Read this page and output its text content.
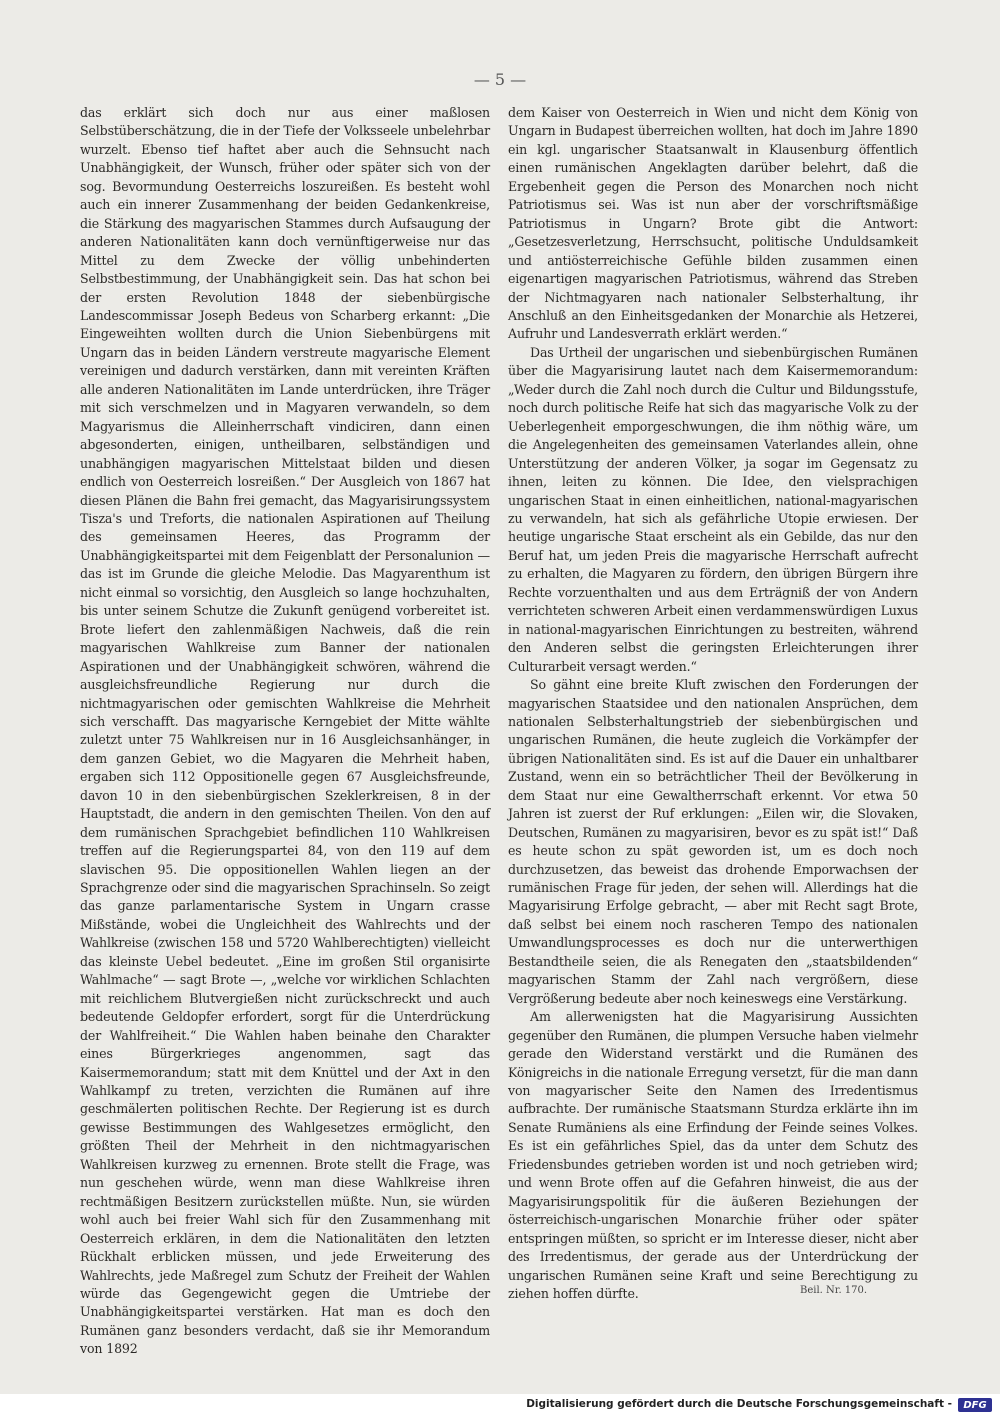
— 5 —

das erklärt sich doch nur aus einer maßlosen Selbstüberschätzung, die in der Tiefe der Volksseele unbelehrbar wurzelt. Ebenso tief haftet aber auch die Sehnsucht nach Unabhängigkeit, der Wunsch, früher oder später sich von der sog. Bevormundung Oesterreichs loszureißen. Es besteht wohl auch ein innerer Zusammenhang der beiden Gedankenkreise, die Stärkung des magyarischen Stammes durch Aufsaugung der anderen Nationalitäten kann doch vernünftigerweise nur das Mittel zu dem Zwecke der völlig unbehinderten Selbstbestimmung, der Unabhängigkeit sein. Das hat schon bei der ersten Revolution 1848 der siebenbürgische Landescommissar Joseph Bedeus von Scharberg erkannt: „Die Eingeweihten wollten durch die Union Siebenbürgens mit Ungarn das in beiden Ländern verstreute magyarische Element vereinigen und dadurch verstärken, dann mit vereinten Kräften alle anderen Nationalitäten im Lande unterdrücken, ihre Träger mit sich verschmelzen und in Magyaren verwandeln, so dem Magyarismus die Alleinherrschaft vindiciren, dann einen abgesonderten, einigen, untheilbaren, selbständigen und unabhängigen magyarischen Mittelstaat bilden und diesen endlich von Oesterreich losreißen.“ Der Ausgleich von 1867 hat diesen Plänen die Bahn frei gemacht, das Magyarisirungssystem Tisza's und Treforts, die nationalen Aspirationen auf Theilung des gemeinsamen Heeres, das Programm der Unabhängigkeitspartei mit dem Feigenblatt der Personalunion — das ist im Grunde die gleiche Melodie. Das Magyarenthum ist nicht einmal so vorsichtig, den Ausgleich so lange hochzuhalten, bis unter seinem Schutze die Zukunft genügend vorbereitet ist. Brote liefert den zahlenmäßigen Nachweis, daß die rein magyarischen Wahlkreise zum Banner der nationalen Aspirationen und der Unabhängigkeit schwören, während die ausgleichsfreundliche Regierung nur durch die nichtmagyarischen oder gemischten Wahlkreise die Mehrheit sich verschafft. Das magyarische Kerngebiet der Mitte wählte zuletzt unter 75 Wahlkreisen nur in 16 Ausgleichsanhänger, in dem ganzen Gebiet, wo die Magyaren die Mehrheit haben, ergaben sich 112 Oppositionelle gegen 67 Ausgleichsfreunde, davon 10 in den siebenbürgischen Szeklerkreisen, 8 in der Hauptstadt, die andern in den gemischten Theilen. Von den auf dem rumänischen Sprachgebiet befindlichen 110 Wahlkreisen treffen auf die Regierungspartei 84, von den 119 auf dem slavischen 95. Die oppositionellen Wahlen liegen an der Sprachgrenze oder sind die magyarischen Sprachinseln. So zeigt das ganze parlamentarische System in Ungarn crasse Mißstände, wobei die Ungleichheit des Wahlrechts und der Wahlkreise (zwischen 158 und 5720 Wahlberechtigten) vielleicht das kleinste Uebel bedeutet. „Eine im großen Stil organisirte Wahlmache“ — sagt Brote —, „welche vor wirklichen Schlachten mit reichlichem Blutvergießen nicht zurückschreckt und auch bedeutende Geldopfer erfordert, sorgt für die Unterdrückung der Wahlfreiheit.“ Die Wahlen haben beinahe den Charakter eines Bürgerkrieges angenommen, sagt das Kaisermemorandum; statt mit dem Knüttel und der Axt in den Wahlkampf zu treten, verzichten die Rumänen auf ihre geschmälerten politischen Rechte. Der Regierung ist es durch gewisse Bestimmungen des Wahlgesetzes ermöglicht, den größten Theil der Mehrheit in den nichtmagyarischen Wahlkreisen kurzweg zu ernennen. Brote stellt die Frage, was nun geschehen würde, wenn man diese Wahlkreise ihren rechtmäßigen Besitzern zurückstellen müßte. Nun, sie würden wohl auch bei freier Wahl sich für den Zusammenhang mit Oesterreich erklären, in dem die Nationalitäten den letzten Rückhalt erblicken müssen, und jede Erweiterung des Wahlrechts, jede Maßregel zum Schutz der Freiheit der Wahlen würde das Gegengewicht gegen die Umtriebe der Unabhängigkeitspartei verstärken. Hat man es doch den Rumänen ganz besonders verdacht, daß sie ihr Memorandum von 1892

dem Kaiser von Oesterreich in Wien und nicht dem König von Ungarn in Budapest überreichen wollten, hat doch im Jahre 1890 ein kgl. ungarischer Staatsanwalt in Klausenburg öffentlich einen rumänischen Angeklagten darüber belehrt, daß die Ergebenheit gegen die Person des Monarchen noch nicht Patriotismus sei. Was ist nun aber der vorschriftsmäßige Patriotismus in Ungarn? Brote gibt die Antwort: „Gesetzesverletzung, Herrschsucht, politische Unduldsamkeit und antiösterreichische Gefühle bilden zusammen einen eigenartigen magyarischen Patriotismus, während das Streben der Nichtmagyaren nach nationaler Selbsterhaltung, ihr Anschluß an den Einheitsgedanken der Monarchie als Hetzerei, Aufruhr und Landesverrath erklärt werden.“

Das Urtheil der ungarischen und siebenbürgischen Rumänen über die Magyarisirung lautet nach dem Kaisermemorandum: „Weder durch die Zahl noch durch die Cultur und Bildungsstufe, noch durch politische Reife hat sich das magyarische Volk zu der Ueberlegenheit emporgeschwungen, die ihm nöthig wäre, um die Angelegenheiten des gemeinsamen Vaterlandes allein, ohne Unterstützung der anderen Völker, ja sogar im Gegensatz zu ihnen, leiten zu können. Die Idee, den vielsprachigen ungarischen Staat in einen einheitlichen, national-magyarischen zu verwandeln, hat sich als gefährliche Utopie erwiesen. Der heutige ungarische Staat erscheint als ein Gebilde, das nur den Beruf hat, um jeden Preis die magyarische Herrschaft aufrecht zu erhalten, die Magyaren zu fördern, den übrigen Bürgern ihre Rechte vorzuenthalten und aus dem Erträgniß der von Andern verrichteten schweren Arbeit einen verdammenswürdigen Luxus in national-magyarischen Einrichtungen zu bestreiten, während den Anderen selbst die geringsten Erleichterungen ihrer Culturarbeit versagt werden.“

So gähnt eine breite Kluft zwischen den Forderungen der magyarischen Staatsidee und den nationalen Ansprüchen, dem nationalen Selbsterhaltungstrieb der siebenbürgischen und ungarischen Rumänen, die heute zugleich die Vorkämpfer der übrigen Nationalitäten sind. Es ist auf die Dauer ein unhaltbarer Zustand, wenn ein so beträchtlicher Theil der Bevölkerung in dem Staat nur eine Gewaltherrschaft erkennt. Vor etwa 50 Jahren ist zuerst der Ruf erklungen: „Eilen wir, die Slovaken, Deutschen, Rumänen zu magyarisiren, bevor es zu spät ist!“ Daß es heute schon zu spät geworden ist, um es doch noch durchzusetzen, das beweist das drohende Emporwachsen der rumänischen Frage für jeden, der sehen will. Allerdings hat die Magyarisirung Erfolge gebracht, — aber mit Recht sagt Brote, daß selbst bei einem noch rascheren Tempo des nationalen Umwandlungsprocesses es doch nur die unterwerthigen Bestandtheile seien, die als Renegaten den „staatsbildenden“ magyarischen Stamm der Zahl nach vergrößern, diese Vergrößerung bedeute aber noch keineswegs eine Verstärkung.

Am allerwenigsten hat die Magyarisirung Aussichten gegenüber den Rumänen, die plumpen Versuche haben vielmehr gerade den Widerstand verstärkt und die Rumänen des Königreichs in die nationale Erregung versetzt, für die man dann von magyarischer Seite den Namen des Irredentismus aufbrachte. Der rumänische Staatsmann Sturdza erklärte ihn im Senate Rumäniens als eine Erfindung der Feinde seines Volkes. Es ist ein gefährliches Spiel, das da unter dem Schutz des Friedensbundes getrieben worden ist und noch getrieben wird; und wenn Brote offen auf die Gefahren hinweist, die aus der Magyarisirungspolitik für die äußeren Beziehungen der österreichisch-ungarischen Monarchie früher oder später entspringen müßten, so spricht er im Interesse dieser, nicht aber des Irredentismus, der gerade aus der Unterdrückung der ungarischen Rumänen seine Kraft und seine Berechtigung zu ziehen hoffen dürfte.	Beil. Nr. 170.
Digitalisierung gefördert durch die Deutsche Forschungsgemeinschaft -	DFG
